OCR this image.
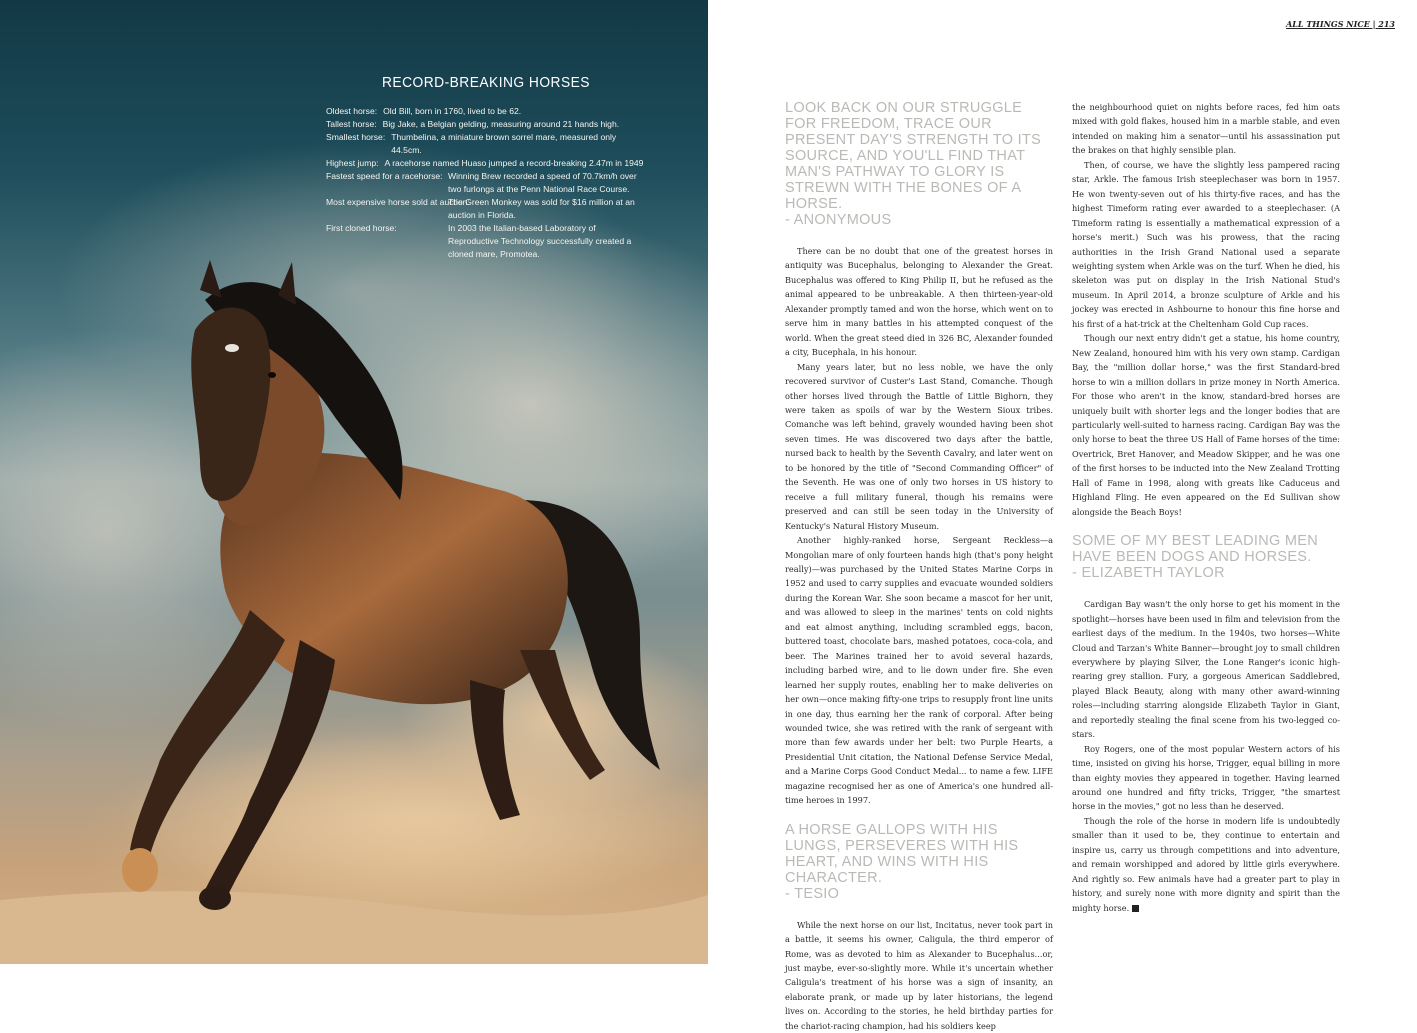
RECORD-BREAKING HORSES
Oldest horse: Old Bill, born in 1760, lived to be 62.
Tallest horse: Big Jake, a Belgian gelding, measuring around 21 hands high.
Smallest horse: Thumbelina, a miniature brown sorrel mare, measured only 44.5cm.
Highest jump: A racehorse named Huaso jumped a record-breaking 2.47m in 1949
Fastest speed for a racehorse: Winning Brew recorded a speed of 70.7km/h over two furlongs at the Penn National Race Course.
Most expensive horse sold at auction:
The Green Monkey was sold for $16 million at an auction in Florida.
First cloned horse:	In 2003 the Italian-based Laboratory of Reproductive Technology successfully created a cloned mare, Promotea.
ALL THINGS NICE | 213
LOOK BACK ON OUR STRUGGLE FOR FREEDOM, TRACE OUR PRESENT DAY'S STRENGTH TO ITS SOURCE, AND YOU'LL FIND THAT MAN'S PATHWAY TO GLORY IS STREWN WITH THE BONES OF A HORSE.
- ANONYMOUS

There can be no doubt that one of the greatest horses in antiquity was Bucephalus, belonging to Alexander the Great. Bucephalus was offered to King Philip II, but he refused as the animal appeared to be unbreakable. A then thirteen-year-old Alexander promptly tamed and won the horse, which went on to serve him in many battles in his attempted conquest of the world. When the great steed died in 326 BC, Alexander founded a city, Bucephala, in his honour.

Many years later, but no less noble, we have the only recovered survivor of Custer's Last Stand, Comanche. Though other horses lived through the Battle of Little Bighorn, they were taken as spoils of war by the Western Sioux tribes. Comanche was left behind, gravely wounded having been shot seven times. He was discovered two days after the battle, nursed back to health by the Seventh Cavalry, and later went on to be honored by the title of "Second Commanding Officer" of the Seventh. He was one of only two horses in US history to receive a full military funeral, though his remains were preserved and can still be seen today in the University of Kentucky's Natural History Museum.

Another highly-ranked horse, Sergeant Reckless—a Mongolian mare of only fourteen hands high (that's pony height really)—was purchased by the United States Marine Corps in 1952 and used to carry supplies and evacuate wounded soldiers during the Korean War. She soon became a mascot for her unit, and was allowed to sleep in the marines' tents on cold nights and eat almost anything, including scrambled eggs, bacon, buttered toast, chocolate bars, mashed potatoes, coca-cola, and beer. The Marines trained her to avoid several hazards, including barbed wire, and to lie down under fire. She even learned her supply routes, enabling her to make deliveries on her own—once making fifty-one trips to resupply front line units in one day, thus earning her the rank of corporal. After being wounded twice, she was retired with the rank of sergeant with more than few awards under her belt: two Purple Hearts, a Presidential Unit citation, the National Defense Service Medal, and a Marine Corps Good Conduct Medal... to name a few. LIFE magazine recognised her as one of America's one hundred all-time heroes in 1997.

A HORSE GALLOPS WITH HIS LUNGS, PERSEVERES WITH HIS HEART, AND WINS WITH HIS CHARACTER.
- TESIO

While the next horse on our list, Incitatus, never took part in a battle, it seems his owner, Caligula, the third emperor of Rome, was as devoted to him as Alexander to Bucephalus...or, just maybe, ever-so-slightly more. While it's uncertain whether Caligula's treatment of his horse was a sign of insanity, an elaborate prank, or made up by later historians, the legend lives on. According to the stories, he held birthday parties for the chariot-racing champion, had his soldiers keep

the neighbourhood quiet on nights before races, fed him oats mixed with gold flakes, housed him in a marble stable, and even intended on making him a senator—until his assassination put the brakes on that highly sensible plan.

Then, of course, we have the slightly less pampered racing star, Arkle. The famous Irish steeplechaser was born in 1957. He won twenty-seven out of his thirty-five races, and has the highest Timeform rating ever awarded to a steeplechaser. (A Timeform rating is essentially a mathematical expression of a horse's merit.) Such was his prowess, that the racing authorities in the Irish Grand National used a separate weighting system when Arkle was on the turf. When he died, his skeleton was put on display in the Irish National Stud's museum. In April 2014, a bronze sculpture of Arkle and his jockey was erected in Ashbourne to honour this fine horse and his first of a hat-trick at the Cheltenham Gold Cup races.

Though our next entry didn't get a statue, his home country, New Zealand, honoured him with his very own stamp. Cardigan Bay, the "million dollar horse," was the first Standard-bred horse to win a million dollars in prize money in North America. For those who aren't in the know, standard-bred horses are uniquely built with shorter legs and the longer bodies that are particularly well-suited to harness racing. Cardigan Bay was the only horse to beat the three US Hall of Fame horses of the time: Overtrick, Bret Hanover, and Meadow Skipper, and he was one of the first horses to be inducted into the New Zealand Trotting Hall of Fame in 1998, along with greats like Caduceus and Highland Fling. He even appeared on the Ed Sullivan show alongside the Beach Boys!

SOME OF MY BEST LEADING MEN HAVE BEEN DOGS AND HORSES.
- ELIZABETH TAYLOR

Cardigan Bay wasn't the only horse to get his moment in the spotlight—horses have been used in film and television from the earliest days of the medium. In the 1940s, two horses—White Cloud and Tarzan's White Banner—brought joy to small children everywhere by playing Silver, the Lone Ranger's iconic high-rearing grey stallion. Fury, a gorgeous American Saddlebred, played Black Beauty, along with many other award-winning roles—including starring alongside Elizabeth Taylor in Giant, and reportedly stealing the final scene from his two-legged co-stars.

Roy Rogers, one of the most popular Western actors of his time, insisted on giving his horse, Trigger, equal billing in more than eighty movies they appeared in together. Having learned around one hundred and fifty tricks, Trigger, "the smartest horse in the movies," got no less than he deserved.

Though the role of the horse in modern life is undoubtedly smaller than it used to be, they continue to entertain and inspire us, carry us through competitions and into adventure, and remain worshipped and adored by little girls everywhere. And rightly so. Few animals have had a greater part to play in history, and surely none with more dignity and spirit than the mighty horse.
